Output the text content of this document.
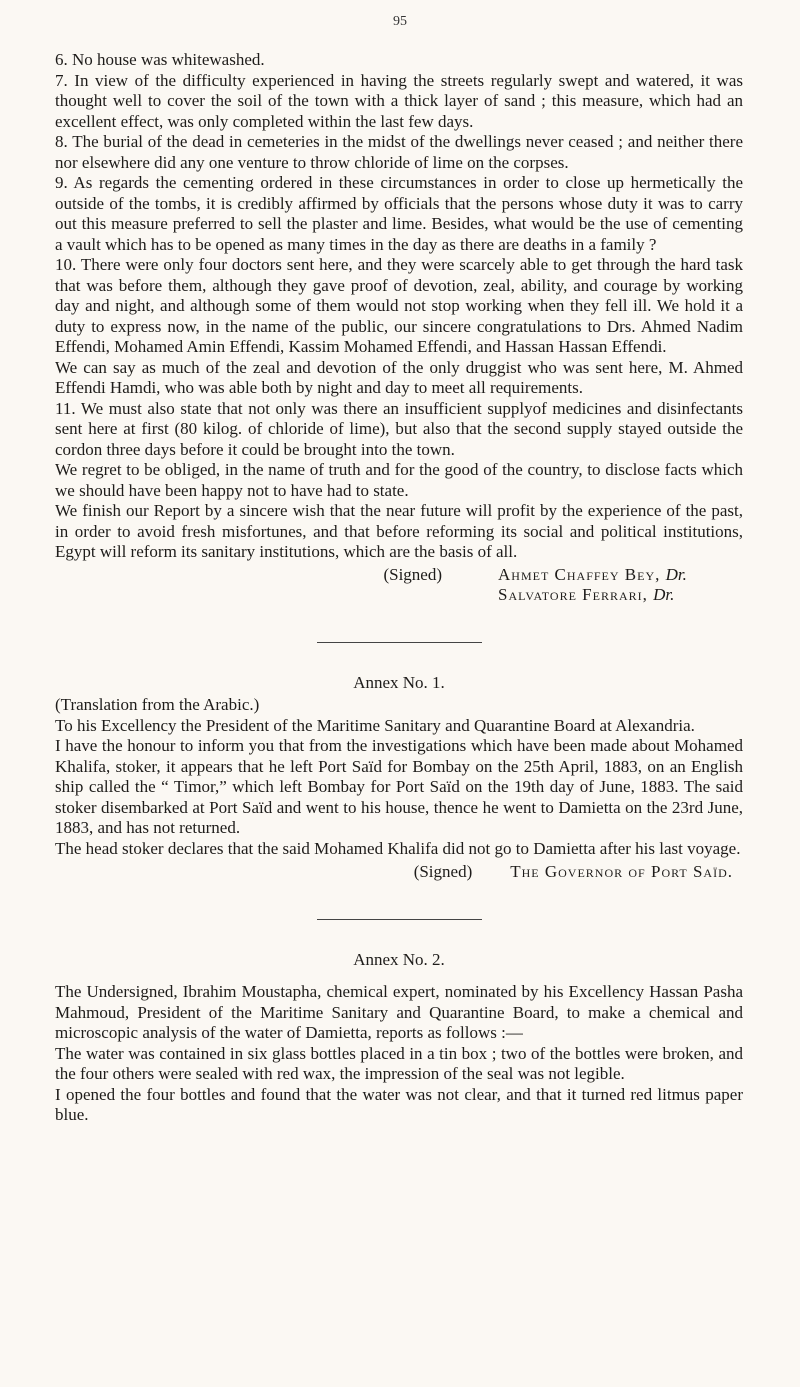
95

6. No house was whitewashed.

7. In view of the difficulty experienced in having the streets regularly swept and watered, it was thought well to cover the soil of the town with a thick layer of sand ; this measure, which had an excellent effect, was only completed within the last few days.

8. The burial of the dead in cemeteries in the midst of the dwellings never ceased ; and neither there nor elsewhere did any one venture to throw chloride of lime on the corpses.

9. As regards the cementing ordered in these circumstances in order to close up hermetically the outside of the tombs, it is credibly affirmed by officials that the persons whose duty it was to carry out this measure preferred to sell the plaster and lime. Besides, what would be the use of cementing a vault which has to be opened as many times in the day as there are deaths in a family ?

10. There were only four doctors sent here, and they were scarcely able to get through the hard task that was before them, although they gave proof of devotion, zeal, ability, and courage by working day and night, and although some of them would not stop working when they fell ill. We hold it a duty to express now, in the name of the public, our sincere congratulations to Drs. Ahmed Nadim Effendi, Mohamed Amin Effendi, Kassim Mohamed Effendi, and Hassan Hassan Effendi.

We can say as much of the zeal and devotion of the only druggist who was sent here, M. Ahmed Effendi Hamdi, who was able both by night and day to meet all requirements.

11. We must also state that not only was there an insufficient supplyof medicines and disinfectants sent here at first (80 kilog. of chloride of lime), but also that the second supply stayed outside the cordon three days before it could be brought into the town.

We regret to be obliged, in the name of truth and for the good of the country, to disclose facts which we should have been happy not to have had to state.

We finish our Report by a sincere wish that the near future will profit by the experience of the past, in order to avoid fresh misfortunes, and that before reforming its social and political institutions, Egypt will reform its sanitary institutions, which are the basis of all.

(Signed)	Ahmet Chaffey Bey, Dr.
Salvatore Ferrari, Dr.
Annex No. 1.

(Translation from the Arabic.)

To his Excellency the President of the Maritime Sanitary and Quarantine Board at Alexandria.

I have the honour to inform you that from the investigations which have been made about Mohamed Khalifa, stoker, it appears that he left Port Saïd for Bombay on the 25th April, 1883, on an English ship called the “ Timor,” which left Bombay for Port Saïd on the 19th day of June, 1883. The said stoker disembarked at Port Saïd and went to his house, thence he went to Damietta on the 23rd June, 1883, and has not returned.

The head stoker declares that the said Mohamed Khalifa did not go to Damietta after his last voyage.

(Signed) The Governor of Port Saïd.
Annex No. 2.

The Undersigned, Ibrahim Moustapha, chemical expert, nominated by his Excellency Hassan Pasha Mahmoud, President of the Maritime Sanitary and Quarantine Board, to make a chemical and microscopic analysis of the water of Damietta, reports as follows :—

The water was contained in six glass bottles placed in a tin box ; two of the bottles were broken, and the four others were sealed with red wax, the impression of the seal was not legible.

I opened the four bottles and found that the water was not clear, and that it turned red litmus paper blue.
